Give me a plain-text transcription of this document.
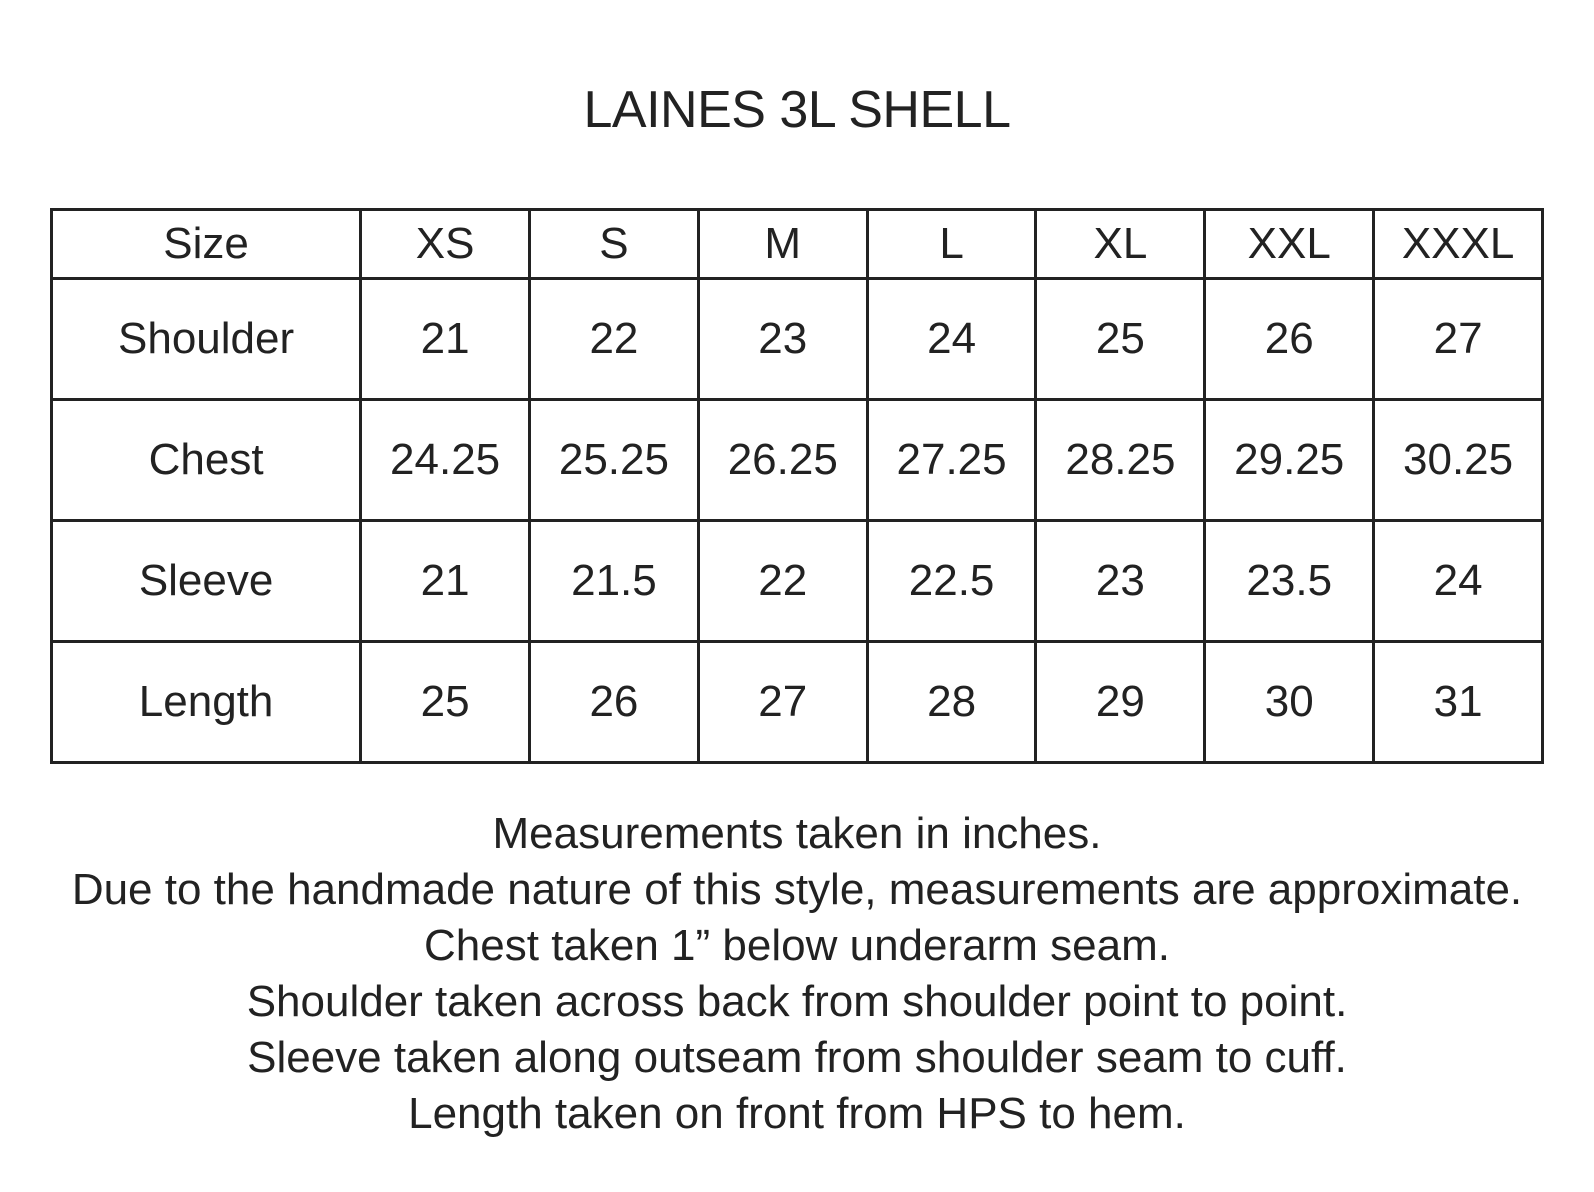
LAINES 3L SHELL
Size	XS	S	M	L	XL	XXL	XXXL
Shoulder	21	22	23	24	25	26	27
Chest	24.25	25.25	26.25	27.25	28.25	29.25	30.25
Sleeve	21	21.5	22	22.5	23	23.5	24
Length	25	26	27	28	29	30	31
Measurements taken in inches.
Due to the handmade nature of this style, measurements are approximate.
Chest taken 1” below underarm seam.
Shoulder taken across back from shoulder point to point.
Sleeve taken along outseam from shoulder seam to cuff.
Length taken on front from HPS to hem.
